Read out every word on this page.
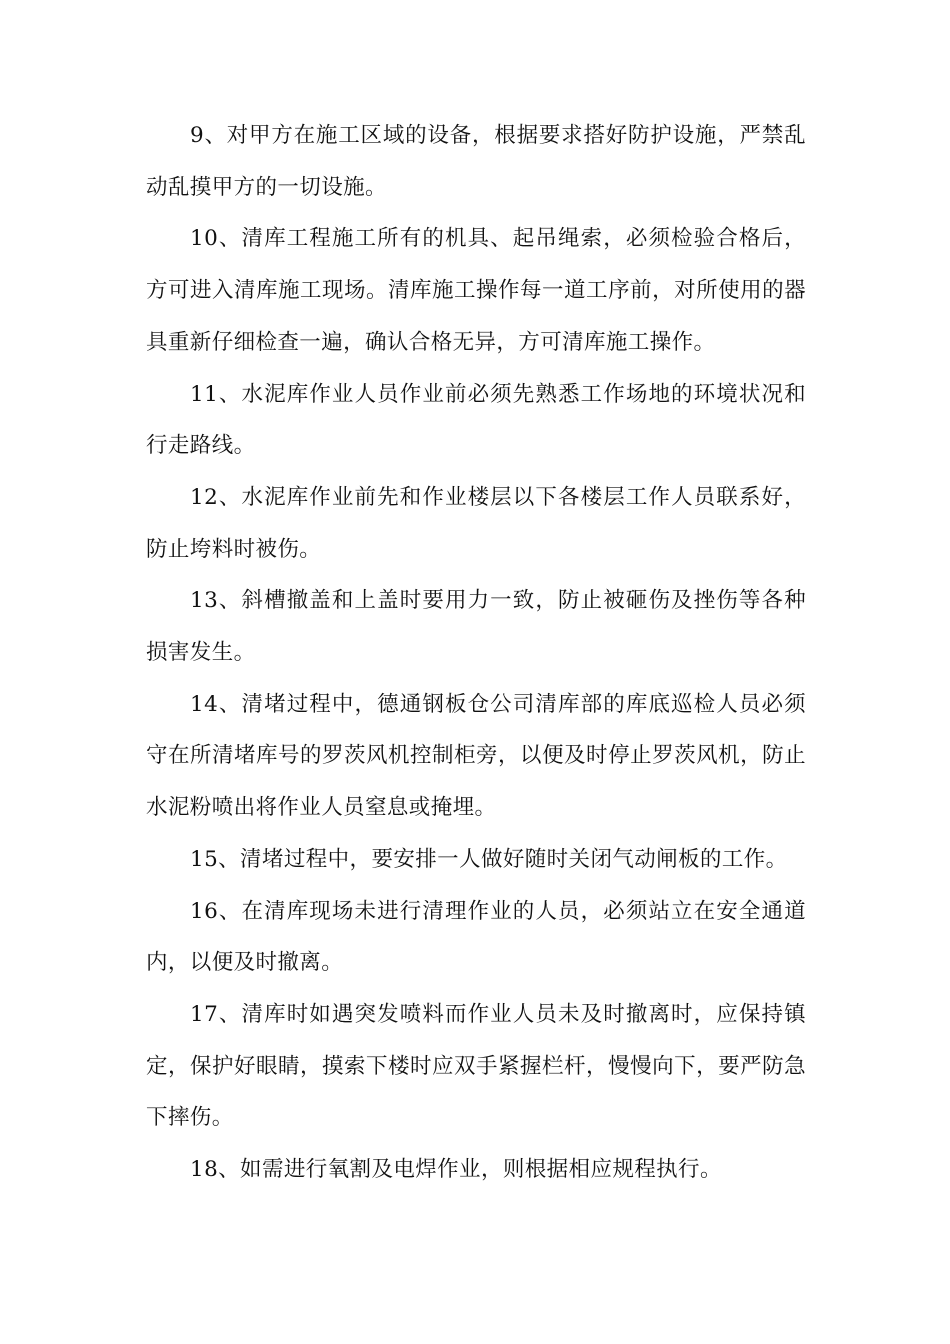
9、对甲方在施工区域的设备，根据要求搭好防护设施，严禁乱动乱摸甲方的一切设施。

10、清库工程施工所有的机具、起吊绳索，必须检验合格后，方可进入清库施工现场。清库施工操作每一道工序前，对所使用的器具重新仔细检查一遍，确认合格无异，方可清库施工操作。

11、水泥库作业人员作业前必须先熟悉工作场地的环境状况和行走路线。

12、水泥库作业前先和作业楼层以下各楼层工作人员联系好，防止垮料时被伤。

13、斜槽撤盖和上盖时要用力一致，防止被砸伤及挫伤等各种损害发生。

14、清堵过程中，德通钢板仓公司清库部的库底巡检人员必须守在所清堵库号的罗茨风机控制柜旁，以便及时停止罗茨风机，防止水泥粉喷出将作业人员窒息或掩埋。

15、清堵过程中，要安排一人做好随时关闭气动闸板的工作。

16、在清库现场未进行清理作业的人员，必须站立在安全通道内，以便及时撤离。

17、清库时如遇突发喷料而作业人员未及时撤离时，应保持镇定，保护好眼睛，摸索下楼时应双手紧握栏杆，慢慢向下，要严防急下摔伤。

18、如需进行氧割及电焊作业，则根据相应规程执行。
